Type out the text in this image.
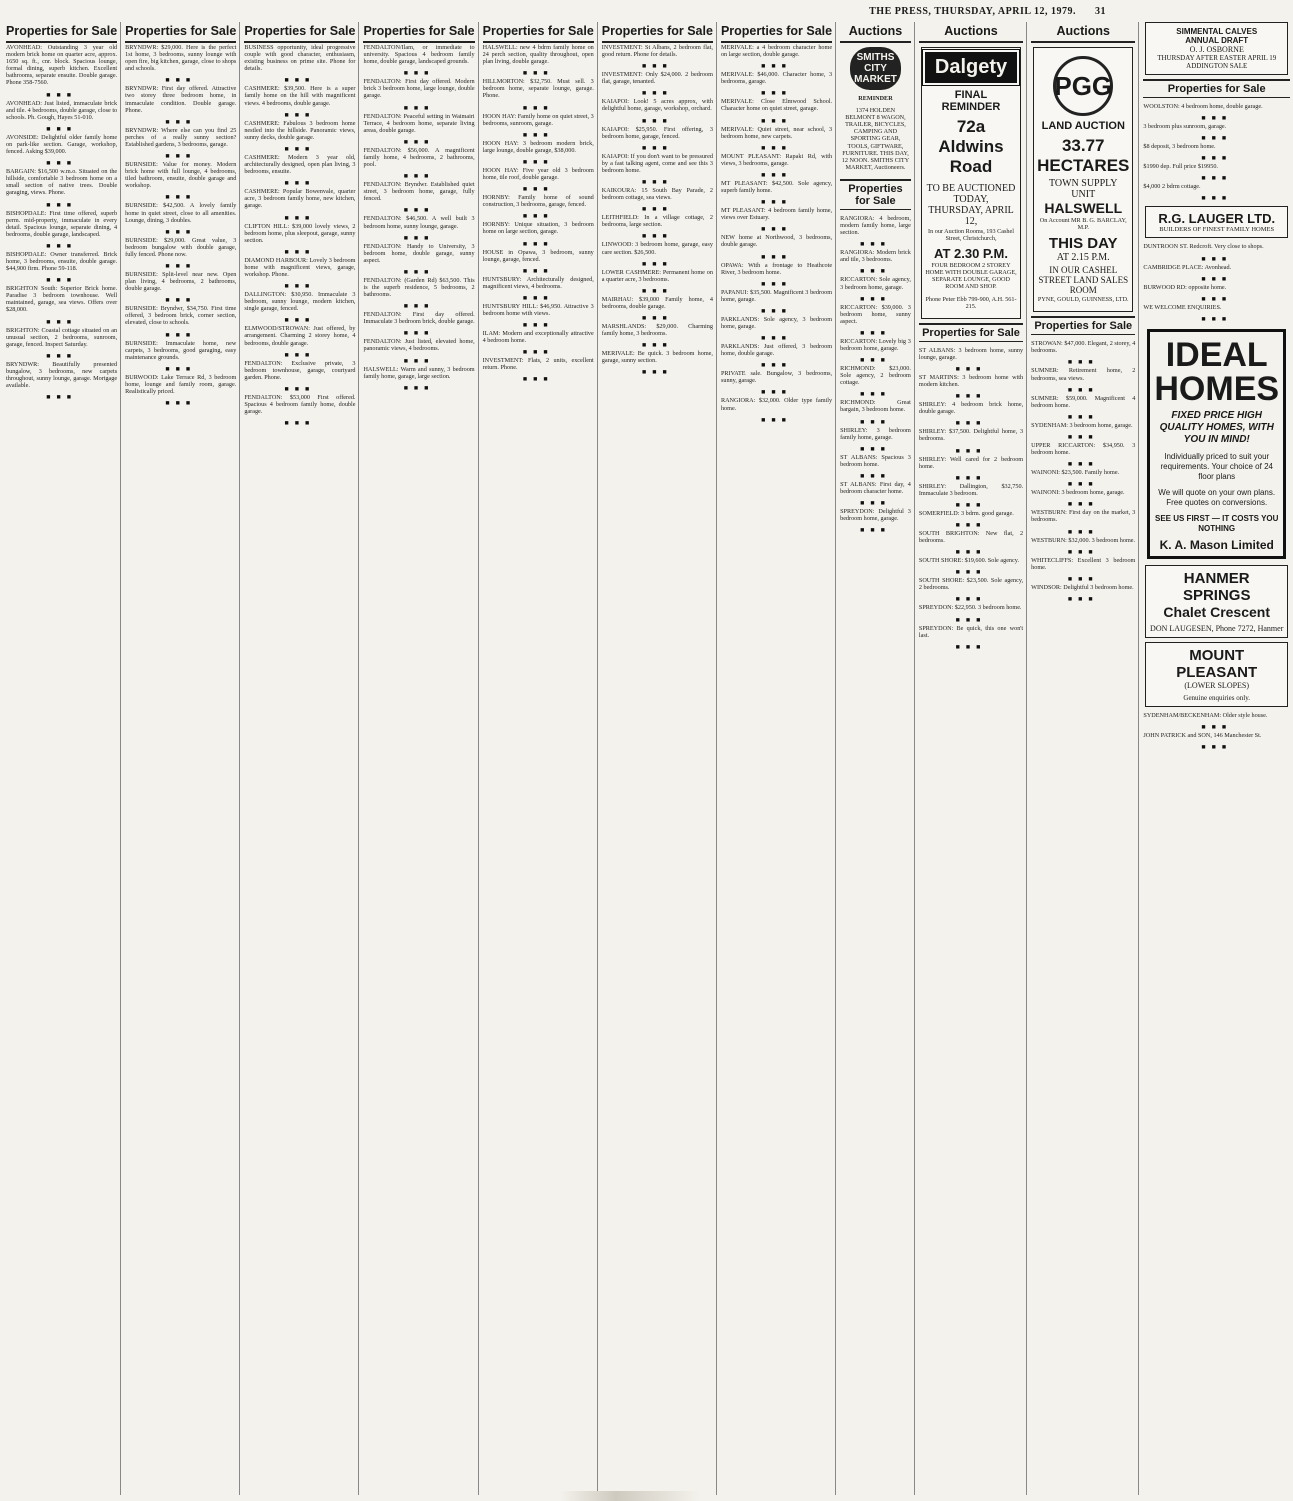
THE PRESS, THURSDAY, APRIL 12, 1979. 31
Properties for Sale
AVONHEAD: Outstanding 3 year old modern brick home on quarter acre, approx. 1650 sq. ft., cnr. block. Spacious lounge, formal dining, superb kitchen. Excellent bathrooms, separate ensuite. Double garage. Phone 358-7560.
■■■
AVONHEAD: Just listed, immaculate brick and tile. 4 bedrooms, double garage, close to schools. Ph. Gough, Hayes 51-010.
■■■
AVONSIDE: Delightful older family home on park-like section. Garage, workshop, fenced. Asking $39,000.
■■■
BARGAIN: $16,500 w.m.o. Situated on the hillside, comfortable 3 bedroom home on a small section of native trees. Double garaging, views. Phone.
■■■
BISHOPDALE: First time offered, superb perm. mid-property, immaculate in every detail. Spacious lounge, separate dining, 4 bedrooms, double garage, landscaped.
■■■
BISHOPDALE: Owner transferred. Brick home, 3 bedrooms, ensuite, double garage. $44,900 firm. Phone 59-118.
■■■
BRIGHTON South: Superior Brick home. Paradise 3 bedroom townhouse. Well maintained, garage, sea views. Offers over $28,000.
■■■
BRIGHTON: Coastal cottage situated on an unusual section, 2 bedrooms, sunroom, garage, fenced. Inspect Saturday.
■■■
BRYNDWR: Beautifully presented bungalow, 3 bedrooms, new carpets throughout, sunny lounge, garage. Mortgage available.
■■■
Properties for Sale
BRYNDWR: $29,000. Here is the perfect 1st home, 3 bedrooms, sunny lounge with open fire, big kitchen, garage, close to shops and schools.
■■■
BRYNDWR: First day offered. Attractive two storey three bedroom home, in immaculate condition. Double garage. Phone.
■■■
BRYNDWR: Where else can you find 25 perches of a really sunny section? Established gardens, 3 bedrooms, garage.
■■■
BURNSIDE: Value for money. Modern brick home with full lounge, 4 bedrooms, tiled bathroom, ensuite, double garage and workshop.
■■■
BURNSIDE: $42,500. A lovely family home in quiet street, close to all amenities. Lounge, dining, 3 doubles.
■■■
BURNSIDE: $29,000. Great value, 3 bedroom bungalow with double garage, fully fenced. Phone now.
■■■
BURNSIDE: Split-level near new. Open plan living, 4 bedrooms, 2 bathrooms, double garage.
■■■
BURNSIDE: Bryndwr, $34,750. First time offered, 3 bedroom brick, corner section, elevated, close to schools.
■■■
BURNSIDE: Immaculate home, new carpets, 3 bedrooms, good garaging, easy maintenance grounds.
■■■
BURWOOD: Lake Terrace Rd, 3 bedroom home, lounge and family room, garage. Realistically priced.
■■■
Properties for Sale
BUSINESS opportunity, ideal progressive couple with good character, enthusiasm, existing business on prime site. Phone for details.
■■■
CASHMERE: $39,500. Here is a super family home on the hill with magnificent views. 4 bedrooms, double garage.
■■■
CASHMERE: Fabulous 3 bedroom home nestled into the hillside. Panoramic views, sunny decks, double garage.
■■■
CASHMERE: Modern 3 year old, architecturally designed, open plan living, 3 bedrooms, ensuite.
■■■
CASHMERE: Popular Bowenvale, quarter acre, 3 bedroom family home, new kitchen, garage.
■■■
CLIFTON HILL: $39,000 lovely views, 2 bedroom home, plus sleepout, garage, sunny section.
■■■
DIAMOND HARBOUR: Lovely 3 bedroom home with magnificent views, garage, workshop. Phone.
■■■
DALLINGTON: $30,950. Immaculate 3 bedroom, sunny lounge, modern kitchen, single garage, fenced.
■■■
ELMWOOD/STROWAN: Just offered, by arrangement. Charming 2 storey home, 4 bedrooms, double garage.
■■■
FENDALTON: Exclusive private, 3 bedroom townhouse, garage, courtyard garden. Phone.
■■■
FENDALTON: $53,000 First offered. Spacious 4 bedroom family home, double garage.
■■■
Properties for Sale
FENDALTON/Ilam, or immediate to university. Spacious 4 bedroom family home, double garage, landscaped grounds.
■■■
FENDALTON: First day offered. Modern brick 3 bedroom home, large lounge, double garage.
■■■
FENDALTON: Peaceful setting in Waimairi Terrace, 4 bedroom home, separate living areas, double garage.
■■■
FENDALTON: $56,000. A magnificent family home, 4 bedrooms, 2 bathrooms, pool.
■■■
FENDALTON: Bryndwr. Established quiet street, 3 bedroom home, garage, fully fenced.
■■■
FENDALTON: $46,500. A well built 3 bedroom home, sunny lounge, garage.
■■■
FENDALTON: Handy to University, 3 bedroom home, double garage, sunny aspect.
■■■
FENDALTON: (Garden Rd) $63,500. This is the superb residence, 5 bedrooms, 2 bathrooms.
■■■
FENDALTON: First day offered. Immaculate 3 bedroom brick, double garage.
■■■
FENDALTON: Just listed, elevated home, panoramic views, 4 bedrooms.
■■■
HALSWELL: Warm and sunny, 3 bedroom family home, garage, large section.
■■■
Properties for Sale
HALSWELL: new 4 bdrm family home on 24 perch section, quality throughout, open plan living, double garage.
■■■
HILLMORTON: $32,750. Must sell. 3 bedroom home, separate lounge, garage. Phone.
■■■
HOON HAY: Family home on quiet street, 3 bedrooms, sunroom, garage.
■■■
HOON HAY: 3 bedroom modern brick, large lounge, double garage, $38,000.
■■■
HOON HAY: Five year old 3 bedroom home, tile roof, double garage.
■■■
HORNBY: Family home of sound construction, 3 bedrooms, garage, fenced.
■■■
HORNBY: Unique situation, 3 bedroom home on large section, garage.
■■■
HOUSE in Opawa, 3 bedroom, sunny lounge, garage, fenced.
■■■
HUNTSBURY: Architecturally designed, magnificent views, 4 bedrooms.
■■■
HUNTSBURY HILL: $46,950. Attractive 3 bedroom home with views.
■■■
ILAM: Modern and exceptionally attractive 4 bedroom home.
■■■
INVESTMENT: Flats, 2 units, excellent return. Phone.
■■■
Properties for Sale
INVESTMENT: St Albans, 2 bedroom flat, good return. Phone for details.
■■■
INVESTMENT: Only $24,000. 2 bedroom flat, garage, tenanted.
■■■
KAIAPOI: Look! 5 acres approx, with delightful home, garage, workshop, orchard.
■■■
KAIAPOI: $25,950. First offering, 3 bedroom home, garage, fenced.
■■■
KAIAPOI: If you don't want to be pressured by a fast talking agent, come and see this 3 bedroom home.
■■■
KAIKOURA: 15 South Bay Parade, 2 bedroom cottage, sea views.
■■■
LEITHFIELD: In a village cottage, 2 bedrooms, large section.
■■■
LINWOOD: 3 bedroom home, garage, easy care section. $26,500.
■■■
LOWER CASHMERE: Permanent home on a quarter acre, 3 bedrooms.
■■■
MAIRHAU: $39,000 Family home, 4 bedrooms, double garage.
■■■
MARSHLANDS: $29,000. Charming family home, 3 bedrooms.
■■■
MERIVALE: Be quick. 3 bedroom home, garage, sunny section.
■■■
Properties for Sale
MERIVALE: a 4 bedroom character home on large section, double garage.
■■■
MERIVALE: $46,000. Character home, 3 bedrooms, garage.
■■■
MERIVALE: Close Elmwood School. Character home on quiet street, garage.
■■■
MERIVALE: Quiet street, near school, 3 bedroom home, new carpets.
■■■
MOUNT PLEASANT: Rapaki Rd, with views, 3 bedrooms, garage.
■■■
MT PLEASANT: $42,500. Sole agency, superb family home.
■■■
MT PLEASANT: 4 bedroom family home, views over Estuary.
■■■
NEW home at Northwood, 3 bedrooms, double garage.
■■■
OPAWA: With a frontage to Heathcote River, 3 bedroom home.
■■■
PAPANUI: $35,500. Magnificent 3 bedroom home, garage.
■■■
PARKLANDS: Sole agency, 3 bedroom home, garage.
■■■
PARKLANDS: Just offered, 3 bedroom home, double garage.
■■■
PRIVATE sale. Bungalow, 3 bedrooms, sunny, garage.
■■■
RANGIORA: $32,000. Older type family home.
■■■
Auctions
SMITHS CITY MARKET
REMINDER
1374 HOLDEN BELMONT 8 WAGON, TRAILER, BICYCLES, CAMPING AND SPORTING GEAR, TOOLS, GIFTWARE, FURNITURE. THIS DAY, 12 NOON. SMITHS CITY MARKET, Auctioneers.
Properties for Sale
RANGIORA: 4 bedroom, modern family home, large section.
■■■
RANGIORA: Modern brick and tile, 3 bedrooms.
■■■
RICCARTON: Sole agency, 3 bedroom home, garage.
■■■
RICCARTON: $39,000. 3 bedroom home, sunny aspect.
■■■
RICCARTON: Lovely big 3 bedroom home, garage.
■■■
RICHMOND: $23,000. Sole agency, 2 bedroom cottage.
■■■
RICHMOND: Great bargain, 3 bedroom home.
■■■
SHIRLEY: 3 bedroom family home, garage.
■■■
ST ALBANS: Spacious 3 bedroom home.
■■■
ST ALBANS: First day, 4 bedroom character home.
■■■
SPREYDON: Delightful 3 bedroom home, garage.
■■■
Auctions
Dalgety
FINAL REMINDER
72a Aldwins Road
TO BE AUCTIONED TODAY,
THURSDAY, APRIL 12,
In our Auction Rooms, 193 Cashel Street, Christchurch,
AT 2.30 P.M.
FOUR BEDROOM 2 STOREY HOME WITH DOUBLE GARAGE, SEPARATE LOUNGE, GOOD ROOM AND SHOP.
Phone Peter Ebb 799-900, A.H. 561-215.
Properties for Sale
ST ALBANS: 3 bedroom home, sunny lounge, garage.
■■■
ST MARTINS: 3 bedroom home with modern kitchen.
■■■
SHIRLEY: 4 bedroom brick home, double garage.
■■■
SHIRLEY: $37,500. Delightful home, 3 bedrooms.
■■■
SHIRLEY: Well cared for 2 bedroom home.
■■■
SHIRLEY: Dallington, $32,750. Immaculate 3 bedroom.
■■■
SOMERFIELD: 3 bdrm. good garage.
■■■
SOUTH BRIGHTON: New flat, 2 bedrooms.
■■■
SOUTH SHORE: $19,600. Sole agency.
■■■
SOUTH SHORE: $23,500. Sole agency, 2 bedrooms.
■■■
SPREYDON: $22,950. 3 bedroom home.
■■■
SPREYDON: Be quick, this one won't last.
■■■
Auctions
PGG
LAND AUCTION
33.77 HECTARES
TOWN SUPPLY UNIT
HALSWELL
On Account MR B. G. BARCLAY, M.P.
THIS DAY
AT 2.15 P.M.
IN OUR CASHEL STREET LAND SALES ROOM
PYNE, GOULD, GUINNESS, LTD.
Properties for Sale
STROWAN: $47,000. Elegant, 2 storey, 4 bedrooms.
■■■
SUMNER: Retirement home, 2 bedrooms, sea views.
■■■
SUMNER: $59,000. Magnificent 4 bedroom home.
■■■
SYDENHAM: 3 bedroom home, garage.
■■■
UPPER RICCARTON: $34,950. 3 bedroom home.
■■■
WAINONI: $23,500. Family home.
■■■
WAINONI: 3 bedroom home, garage.
■■■
WESTBURN: First day on the market, 3 bedrooms.
■■■
WESTBURN: $32,000. 3 bedroom home.
■■■
WHITECLIFFS: Excellent 3 bedroom home.
■■■
WINDSOR: Delightful 3 bedroom home.
■■■
SIMMENTAL CALVES
ANNUAL DRAFT
O. J. OSBORNE
THURSDAY AFTER EASTER APRIL 19
ADDINGTON SALE
Properties for Sale
WOOLSTON: 4 bedroom home, double garage.
■■■
3 bedroom plus sunroom, garage.
■■■
$8 deposit, 3 bedroom home.
■■■
$1990 dep. Full price $19950.
■■■
$4,000 2 bdrm cottage.
■■■
R.G. LAUGER LTD.
BUILDERS OF FINEST FAMILY HOMES
DUNTROON ST. Redcroft. Very close to shops.
■■■
CAMBRIDGE PLACE: Avonhead.
■■■
BURWOOD RD: opposite home.
■■■
WE WELCOME ENQUIRIES.
■■■
IDEAL HOMES
FIXED PRICE HIGH QUALITY HOMES, WITH YOU IN MIND!
Individually priced to suit your requirements. Your choice of 24 floor plans
We will quote on your own plans. Free quotes on conversions.
SEE US FIRST — IT COSTS YOU NOTHING
K. A. Mason Limited
HANMER SPRINGS
Chalet Crescent
DON LAUGESEN, Phone 7272, Hanmer
MOUNT PLEASANT
(LOWER SLOPES)
Genuine enquiries only.
SYDENHAM/BECKENHAM: Older style house.
■■■
JOHN PATRICK and SON, 146 Manchester St.
■■■
